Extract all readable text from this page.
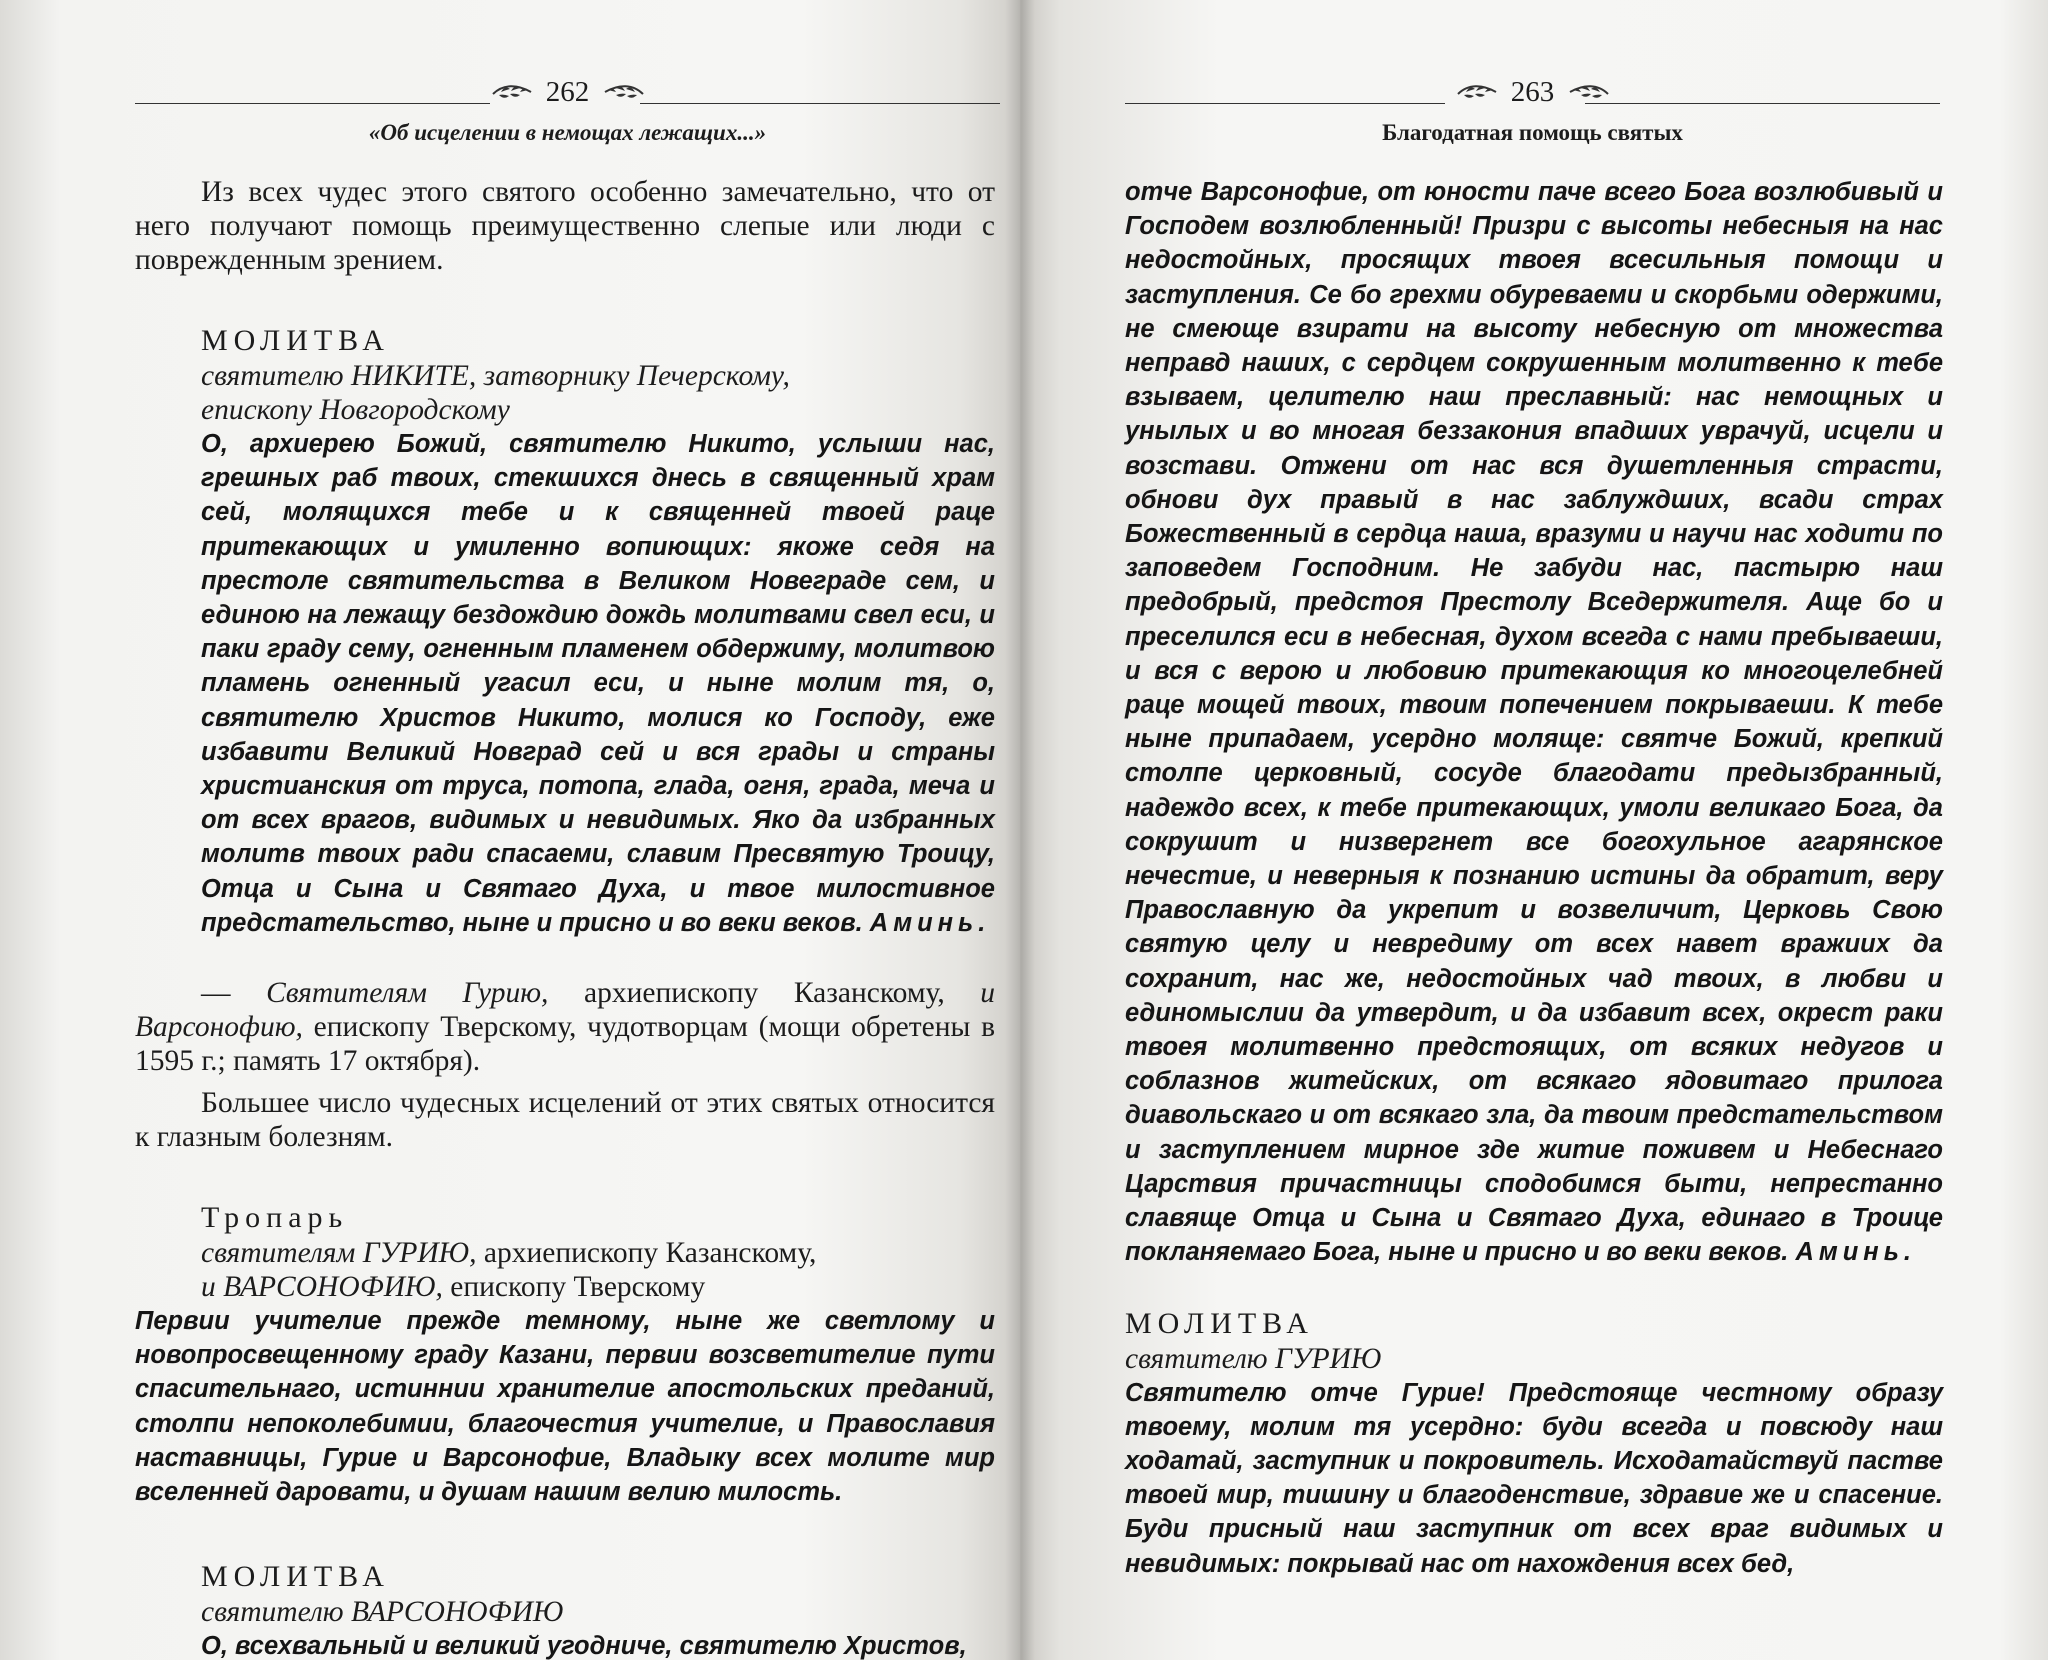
262
«Об исцелении в немощах лежащих...»

Из всех чудес этого святого особенно замечательно, что от него получают помощь преимущественно слепые или люди с поврежденным зрением.

МОЛИТВА

святителю НИКИТЕ, затворнику Печерскому,

епископу Новгородскому

О, архиерею Божий, святителю Никито, услыши нас, грешных раб твоих, стекшихся днесь в священный храм сей, молящихся тебе и к священней твоей раце притекающих и умиленно вопиющих: якоже седя на престоле святительства в Великом Новеграде сем, и единою на лежащу бездождию дождь молитвами свел еси, и паки граду сему, огненным пламенем обдержиму, молитвою пламень огненный угасил еси, и ныне молим тя, о, святителю Христов Никито, молися ко Господу, еже избавити Великий Новград сей и вся грады и страны христианския от труса, потопа, глада, огня, града, меча и от всех врагов, видимых и невидимых. Яко да избранных молитв твоих ради спасаеми, славим Пресвятую Троицу, Отца и Сына и Святаго Духа, и твое милостивное предстательство, ныне и присно и во веки веков. Аминь.

— Святителям Гурию, архиепископу Казанскому, и Варсонофию, епископу Тверскому, чудотворцам (мощи обретены в 1595 г.; память 17 октября).

Большее число чудесных исцелений от этих святых относится к глазным болезням.

Тропарь

святителям ГУРИЮ, архиепископу Казанскому,

и ВАРСОНОФИЮ, епископу Тверскому

Первии учителие прежде темному, ныне же светлому и новопросвещенному граду Казани, первии возсветителие пути спасительнаго, истиннии хранителие апостольских преданий, столпи непоколебимии, благочестия учителие, и Православия наставницы, Гурие и Варсонофие, Владыку всех молите мир вселенней даровати, и душам нашим велию милость.

МОЛИТВА

святителю ВАРСОНОФИЮ

О, всехвальный и великий угодниче, святителю Христов,

263
Благодатная помощь святых

отче Варсонофие, от юности паче всего Бога возлюбивый и Господем возлюбленный! Призри с высоты небесныя на нас недостойных, просящих твоея всесильныя помощи и заступления. Се бо грехми обуреваеми и скорбьми одержими, не смеюще взирати на высоту небесную от множества неправд наших, с сердцем сокрушенным молитвенно к тебе взываем, целителю наш преславный: нас немощных и унылых и во многая беззакония впадших уврачуй, исцели и возстави. Отжени от нас вся душетленныя страсти, обнови дух правый в нас заблуждших, всади страх Божественный в сердца наша, вразуми и научи нас ходити по заповедем Господним. Не забуди нас, пастырю наш предобрый, предстоя Престолу Вседержителя. Аще бо и преселился еси в небесная, духом всегда с нами пребываеши, и вся с верою и любовию притекающия ко многоцелебней раце мощей твоих, твоим попечением покрываеши. К тебе ныне припадаем, усердно моляще: святче Божий, крепкий столпе церковный, сосуде благодати предызбранный, надеждо всех, к тебе притекающих, умоли великаго Бога, да сокрушит и низвергнет все богохульное агарянское нечестие, и неверныя к познанию истины да обратит, веру Православную да укрепит и возвеличит, Церковь Свою святую целу и невредиму от всех навет вражиих да сохранит, нас же, недостойных чад твоих, в любви и единомыслии да утвердит, и да избавит всех, окрест раки твоея молитвенно предстоящих, от всяких недугов и соблазнов житейских, от всякаго ядовитаго прилога диавольскаго и от всякаго зла, да твоим предстательством и заступлением мирное зде житие поживем и Небеснаго Царствия причастницы сподобимся быти, непрестанно славяще Отца и Сына и Святаго Духа, единаго в Троице покланяемаго Бога, ныне и присно и во веки веков. Аминь.

МОЛИТВА

святителю ГУРИЮ

Святителю отче Гурие! Предстояще честному образу твоему, молим тя усердно: буди всегда и повсюду наш ходатай, заступник и покровитель. Исходатайствуй пастве твоей мир, тишину и благоденствие, здравие же и спасение. Буди присный наш заступник от всех враг видимых и невидимых: покрывай нас от нахождения всех бед,
